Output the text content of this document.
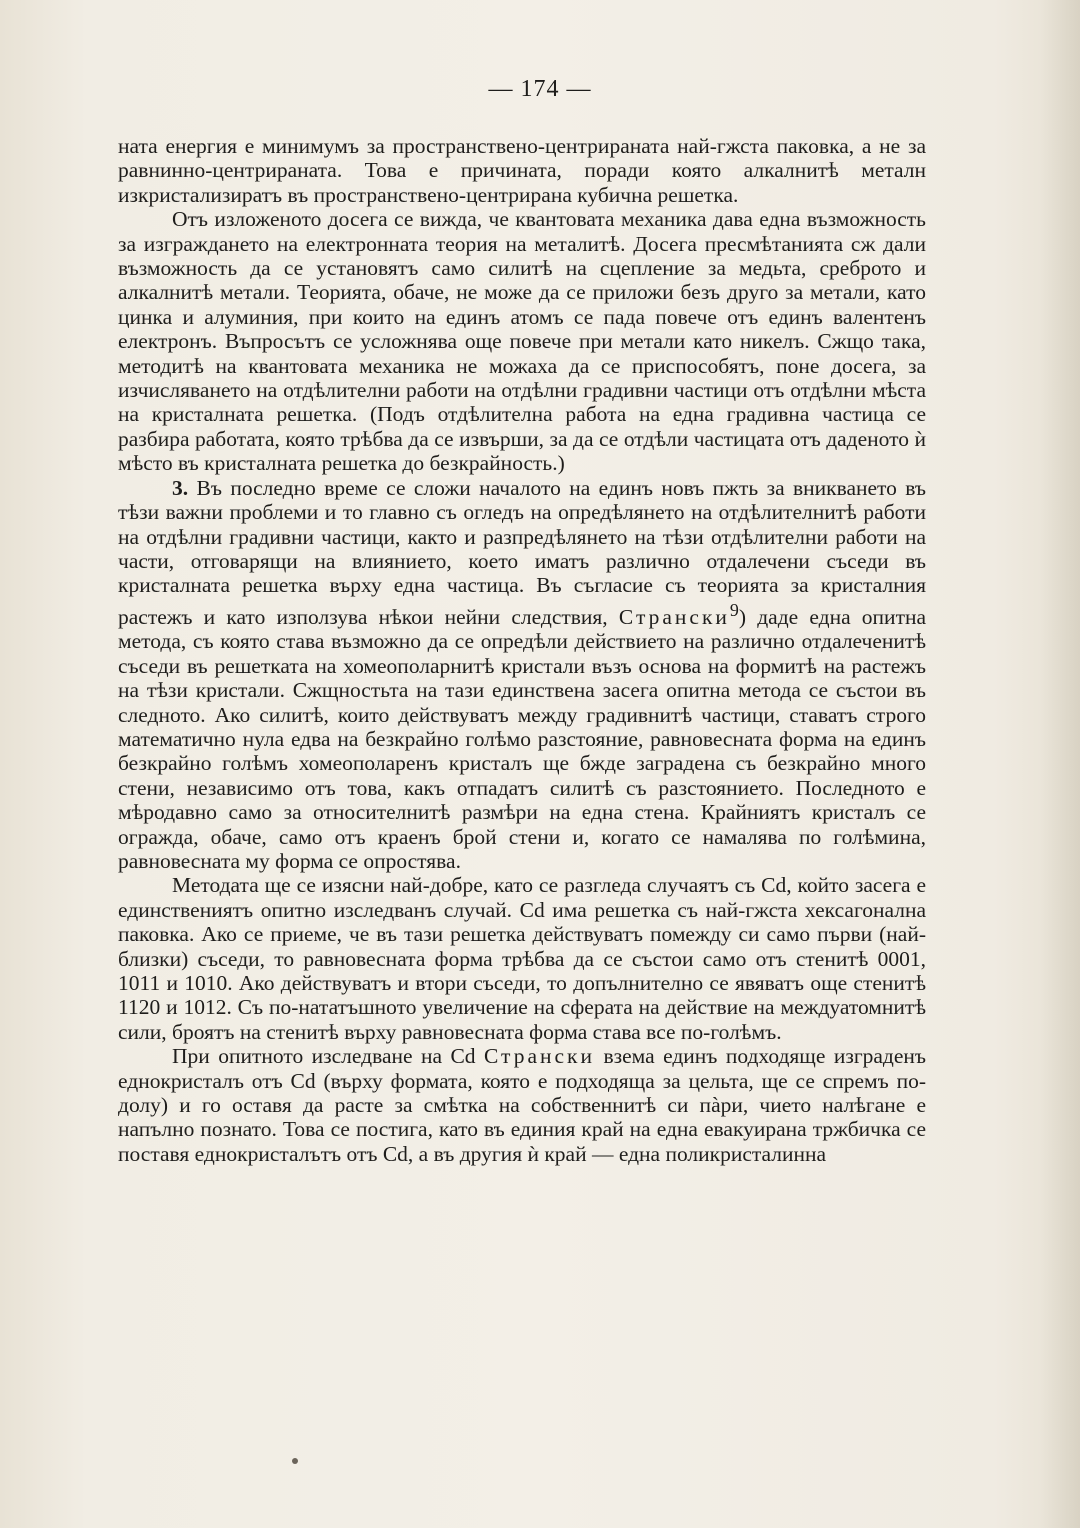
— 174 —

ната енергия е минимумъ за пространствено-центрираната най-гжста пакoвка, а не за равнинно-центрираната. Това е причината, поради която алкалнитѣ металн изкристализиратъ въ пространствено-центрирана кубична решетка.

Отъ изложеното досега се вижда, че квантовата механика дава една възможность за изграждането на електронната теория на металитѣ. Досега пресмѣтанията сж дали възможность да се установятъ само силитѣ на сцепление за медьта, среброто и алкалнитѣ метали. Теорията, обаче, не може да се приложи безъ друго за метали, като цинка и алуминия, при които на единъ атомъ се пада повече отъ единъ валентенъ електронъ. Въпросътъ се усложнява още повече при метали като никелъ. Сжщо така, методитѣ на квантовата механика не можаха да се приспособятъ, поне досега, за изчисляването на отдѣлителни работи на отдѣлни градивни частици отъ отдѣлни мѣста на кристалната решетка. (Подъ отдѣлителна работа на една градивна частица се разбира работата, която трѣбва да се извърши, за да се отдѣли частицата отъ даденото ѝ мѣсто въ кристалната решетка до безкрайность.)

3. Въ последно време се сложи началото на единъ новъ пжть за вникването въ тѣзи важни проблеми и то главно съ огледъ на опредѣлянето на отдѣлителнитѣ работи на отдѣлни градивни частици, както и разпредѣлянето на тѣзи отдѣлителни работи на части, отговарящи на влиянието, което иматъ различно отдалечени съседи въ кристалната решетка върху една частица. Въ съгласие съ теорията за кристалния растежъ и като използува нѣкои нейни следствия, Странски$^9$) даде една опитна метода, съ която става възможно да се опредѣли действието на различно отдалеченитѣ съседи въ решетката на хомеополарнитѣ кристали възъ основа на формитѣ на растежъ на тѣзи кристали. Сжщностьта на тази единствена засега опитна метода се състои въ следното. Ако силитѣ, които действуватъ между градивнитѣ частици, ставатъ строго математично нула едва на безкрайно голѣмо разстояние, равновесната форма на единъ безкрайно голѣмъ хомеополаренъ кристалъ ще бжде заградена съ безкрайно много стени, независимо отъ това, какъ отпадатъ силитѣ съ разстоянието. Последното е мѣродавно само за относителнитѣ размѣри на една стена. Крайниятъ кристалъ се огражда, обаче, само отъ краенъ брой стени и, когато се намалява по голѣмина, равновесната му форма се опростява.

Методата ще се изясни най-добре, като се разгледа случаятъ съ Cd, който засега е единствениятъ опитно изследванъ случай. Cd има решетка съ най-гжста хексагонална паковка. Ако се приеме, че въ тази решетка действуватъ помежду си само първи (най-близки) съседи, то равновесната форма трѣбва да се състои само отъ стенитѣ 0001, 1011 и 1010. Ако действуватъ и втори съседи, то допълнително се явяватъ още стенитѣ 1120 и 1012. Съ по-нататъшното увеличение на сферата на действие на междуатомнитѣ сили, броятъ на стенитѣ върху равновесната форма става все по-голѣмъ.

При опитното изследване на Cd Странски взема единъ подходящe изграденъ еднокристалъ отъ Cd (върху формата, която е подходяща за цельта, ще се спремъ по-долу) и го оставя да расте за смѣтка на собственнитѣ си пàри, чието налѣгане е напълно познато. Това се постига, като въ единия край на една евакуирана тржбичка се поставя еднокристалътъ отъ Cd, а въ другия ѝ край — една поликристалинна
